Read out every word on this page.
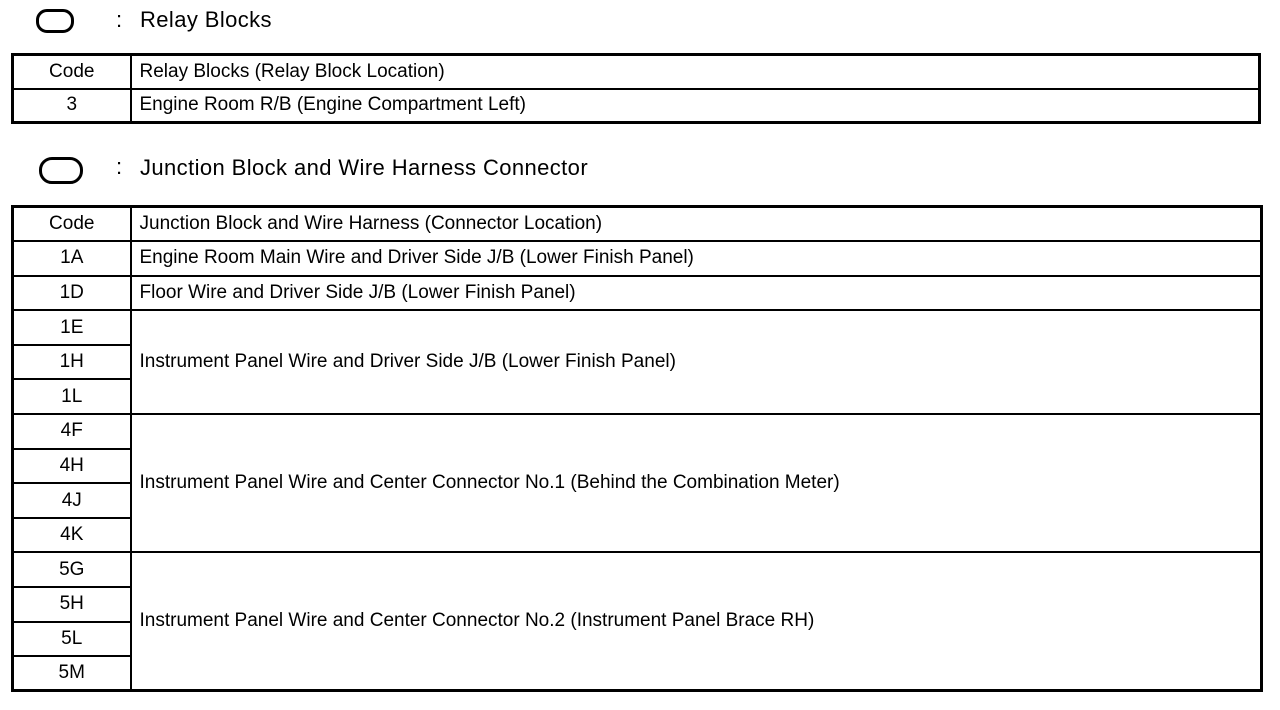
: Relay Blocks
Code	Relay Blocks (Relay Block Location)
3	Engine Room R/B (Engine Compartment Left)
: Junction Block and Wire Harness Connector
Code	Junction Block and Wire Harness (Connector Location)
1A	Engine Room Main Wire and Driver Side J/B (Lower Finish Panel)
1D	Floor Wire and Driver Side J/B (Lower Finish Panel)
1E	Instrument Panel Wire and Driver Side J/B (Lower Finish Panel)
1H	
1L	
4F	Instrument Panel Wire and Center Connector No.1 (Behind the Combination Meter)
4H	
4J	
4K	
5G	Instrument Panel Wire and Center Connector No.2 (Instrument Panel Brace RH)
5H	
5L	
5M	
